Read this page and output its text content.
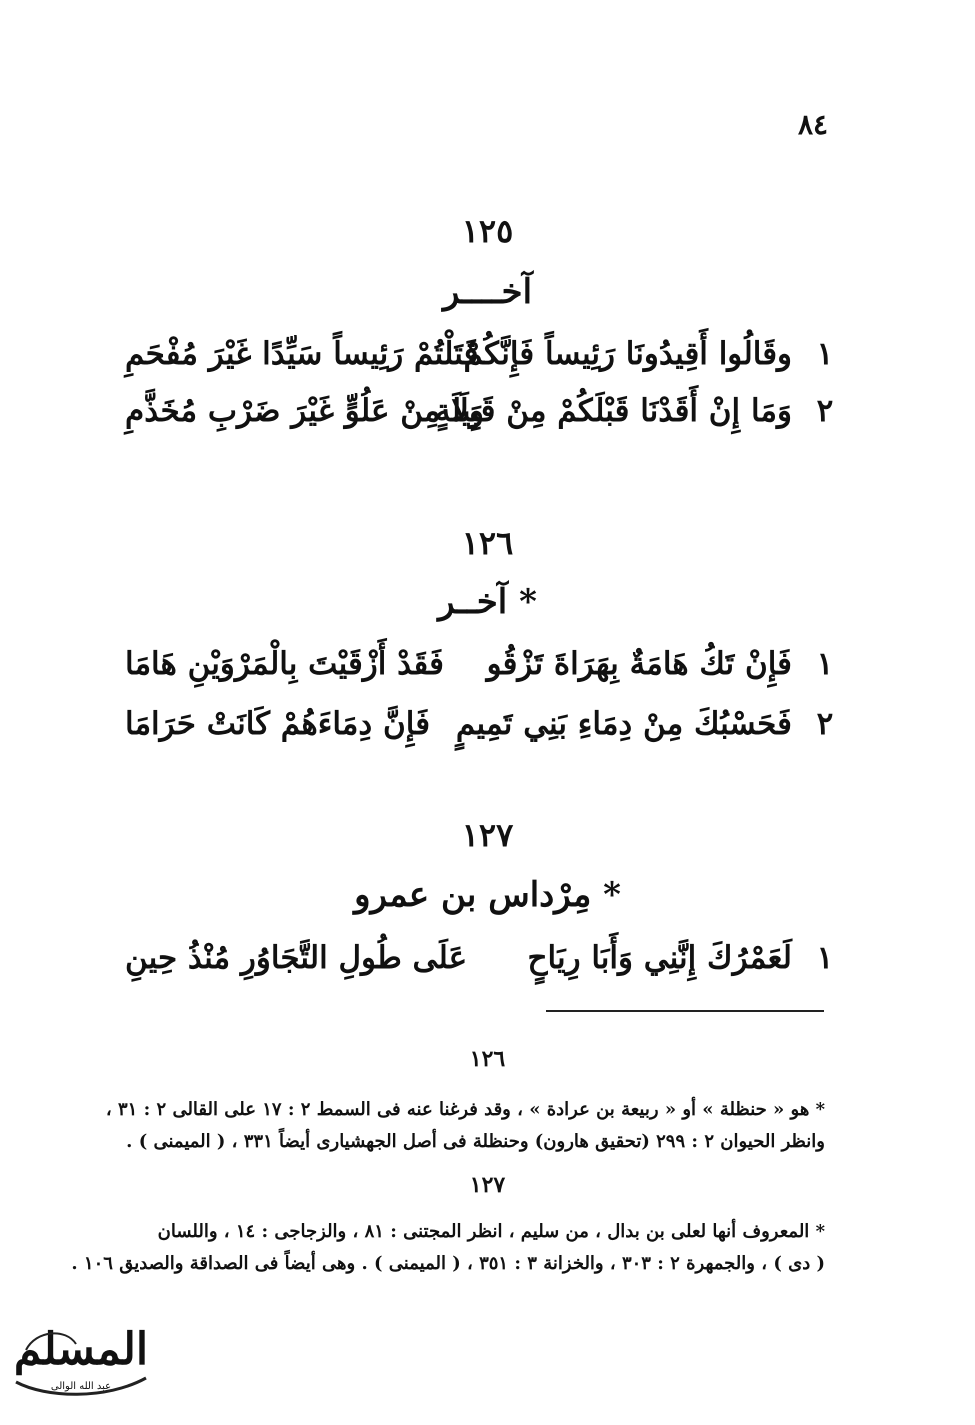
٨٤
١٢٥
آخــــر
١
وقَالُوا أَقِيدُونَا رَئِيساً فَإِنَّكُمْ
قَتَلْتُمْ رَئِيساً سَيِّدًا غَيْرَ مُفْحَمِ
٢
وَمَا إِنْ أَقَدْنَا قَبْلَكُمْ مِنْ قَبِيلَةٍ
وَلَا مِنْ عَلُوٍّ غَيْرَ ضَرْبِ مُخَذَّمِ
١٢٦
آخــر *
١
فَإِنْ تَكُ هَامَةٌ بِهَرَاةَ تَزْقُو
فَقَدْ أَزْقَيْتَ بِالْمَرْوَيْنِ هَامَا
٢
فَحَسْبُكَ مِنْ دِمَاءِ بَنِي تَمِيمٍ
فَإِنَّ دِمَاءَهُمْ كَانَتْ حَرَامَا
١٢٧
مِرْداس بن عمرو *
١
لَعَمْرُكَ إِنَّنِي وَأَبَا رِيَاحٍ
عَلَى طُولِ التَّجَاوُرِ مُنْذُ حِينِ
١٢٦
* هو « حنظلة » أو « ربيعة بن عرادة » ، وقد فرغنا عنه فى السمط ٢ : ١٧ على القالى ٢ : ٣١ ،
وانظر الحيوان ٢ : ٢٩٩ (تحقيق هارون) وحنظلة فى أصل الجهشيارى أيضاً ٣٣١ ، ( الميمنى ) .
١٢٧
* المعروف أنها لعلى بن بدال ، من سليم ، انظر المجتنى : ٨١ ، والزجاجى : ١٤ ، واللسان
( دى ) ، والجمهرة ٢ : ٣٠٣ ، والخزانة ٣ : ٣٥١ ، ( الميمنى ) . وهى أيضاً فى الصداقة والصديق ١٠٦ .
المسلم
عبد الله الوالى
